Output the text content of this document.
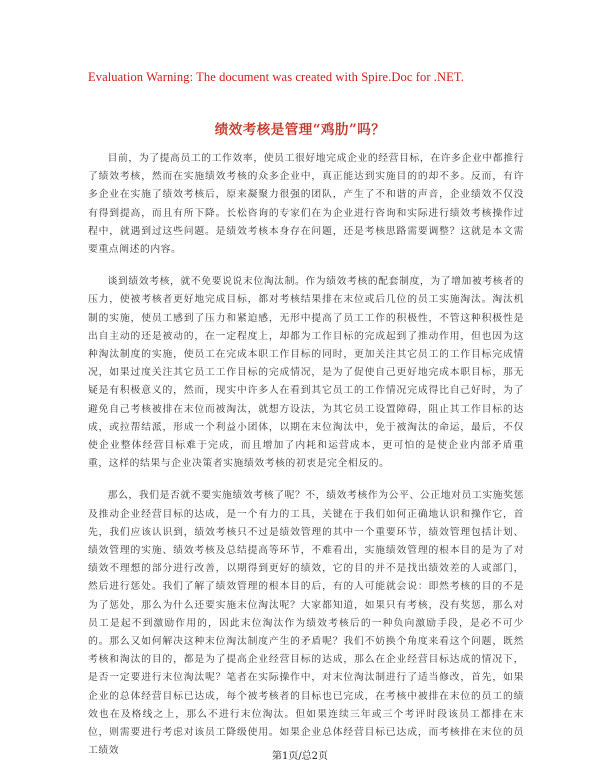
Evaluation Warning: The document was created with Spire.Doc for .NET.
绩效考核是管理“鸡肋”吗？

目前，为了提高员工的工作效率，使员工很好地完成企业的经营目标，在许多企业中都推行了绩效考核，然而在实施绩效考核的众多企业中，真正能达到实施目的的却不多。反而，有许多企业在实施了绩效考核后，原来凝聚力很强的团队，产生了不和谐的声音，企业绩效不仅没有得到提高，而且有所下降。长松咨询的专家们在为企业进行咨询和实际进行绩效考核操作过程中，就遇到过这些问题。是绩效考核本身存在问题，还是考核思路需要调整？这就是本文需要重点阐述的内容。

谈到绩效考核，就不免要说说末位淘汰制。作为绩效考核的配套制度，为了增加被考核者的压力，使被考核者更好地完成目标，都对考核结果排在末位或后几位的员工实施淘汰。淘汰机制的实施，使员工感到了压力和紧迫感，无形中提高了员工工作的积极性，不管这种积极性是出自主动的还是被动的，在一定程度上，却都为工作目标的完成起到了推动作用，但也因为这种淘汰制度的实施，使员工在完成本职工作目标的同时，更加关注其它员工的工作目标完成情况，如果过度关注其它员工工作目标的完成情况，是为了促使自己更好地完成本职目标，那无疑是有积极意义的，然而，现实中许多人在看到其它员工的工作情况完成得比自己好时，为了避免自己考核被排在末位而被淘汰，就想方设法，为其它员工设置障碍，阻止其工作目标的达成，或拉帮结派，形成一个利益小团体，以期在末位淘汰中，免于被淘汰的命运，最后，不仅使企业整体经营目标难于完成，而且增加了内耗和运营成本，更可怕的是使企业内部矛盾重重，这样的结果与企业决策者实施绩效考核的初衷是完全相反的。

那么，我们是否就不要实施绩效考核了呢？不，绩效考核作为公平、公正地对员工实施奖惩及推动企业经营目标的达成，是一个有力的工具，关键在于我们如何正确地认识和操作它，首先，我们应该认识到，绩效考核只不过是绩效管理的其中一个重要环节，绩效管理包括计划、绩效管理的实施、绩效考核及总结提高等环节，不难看出，实施绩效管理的根本目的是为了对绩效不理想的部分进行改善，以期得到更好的绩效，它的目的并不是找出绩效差的人或部门，然后进行惩处。我们了解了绩效管理的根本目的后，有的人可能就会说：即然考核的目的不是为了惩处，那么为什么还要实施末位淘汰呢？大家都知道，如果只有考核，没有奖惩，那么对员工是起不到激励作用的，因此末位淘汰作为绩效考核后的一种负向激励手段，是必不可少的。那么又如何解决这种末位淘汰制度产生的矛盾呢？我们不妨换个角度来看这个问题，既然考核和淘汰的目的，都是为了提高企业经营目标的达成，那么在企业经营目标达成的情况下，是否一定要进行末位淘汰呢？笔者在实际操作中，对末位淘汰制进行了适当修改，首先，如果企业的总体经营目标已达成，每个被考核者的目标也已完成，在考核中被排在末位的员工的绩效也在及格线之上，那么不进行末位淘汰。但如果连续三年或三个考评时段该员工都排在末位，则需要进行考虑对该员工降级使用。如果企业总体经营目标已达成，而考核排在末位的员工绩效

第1页/总2页
